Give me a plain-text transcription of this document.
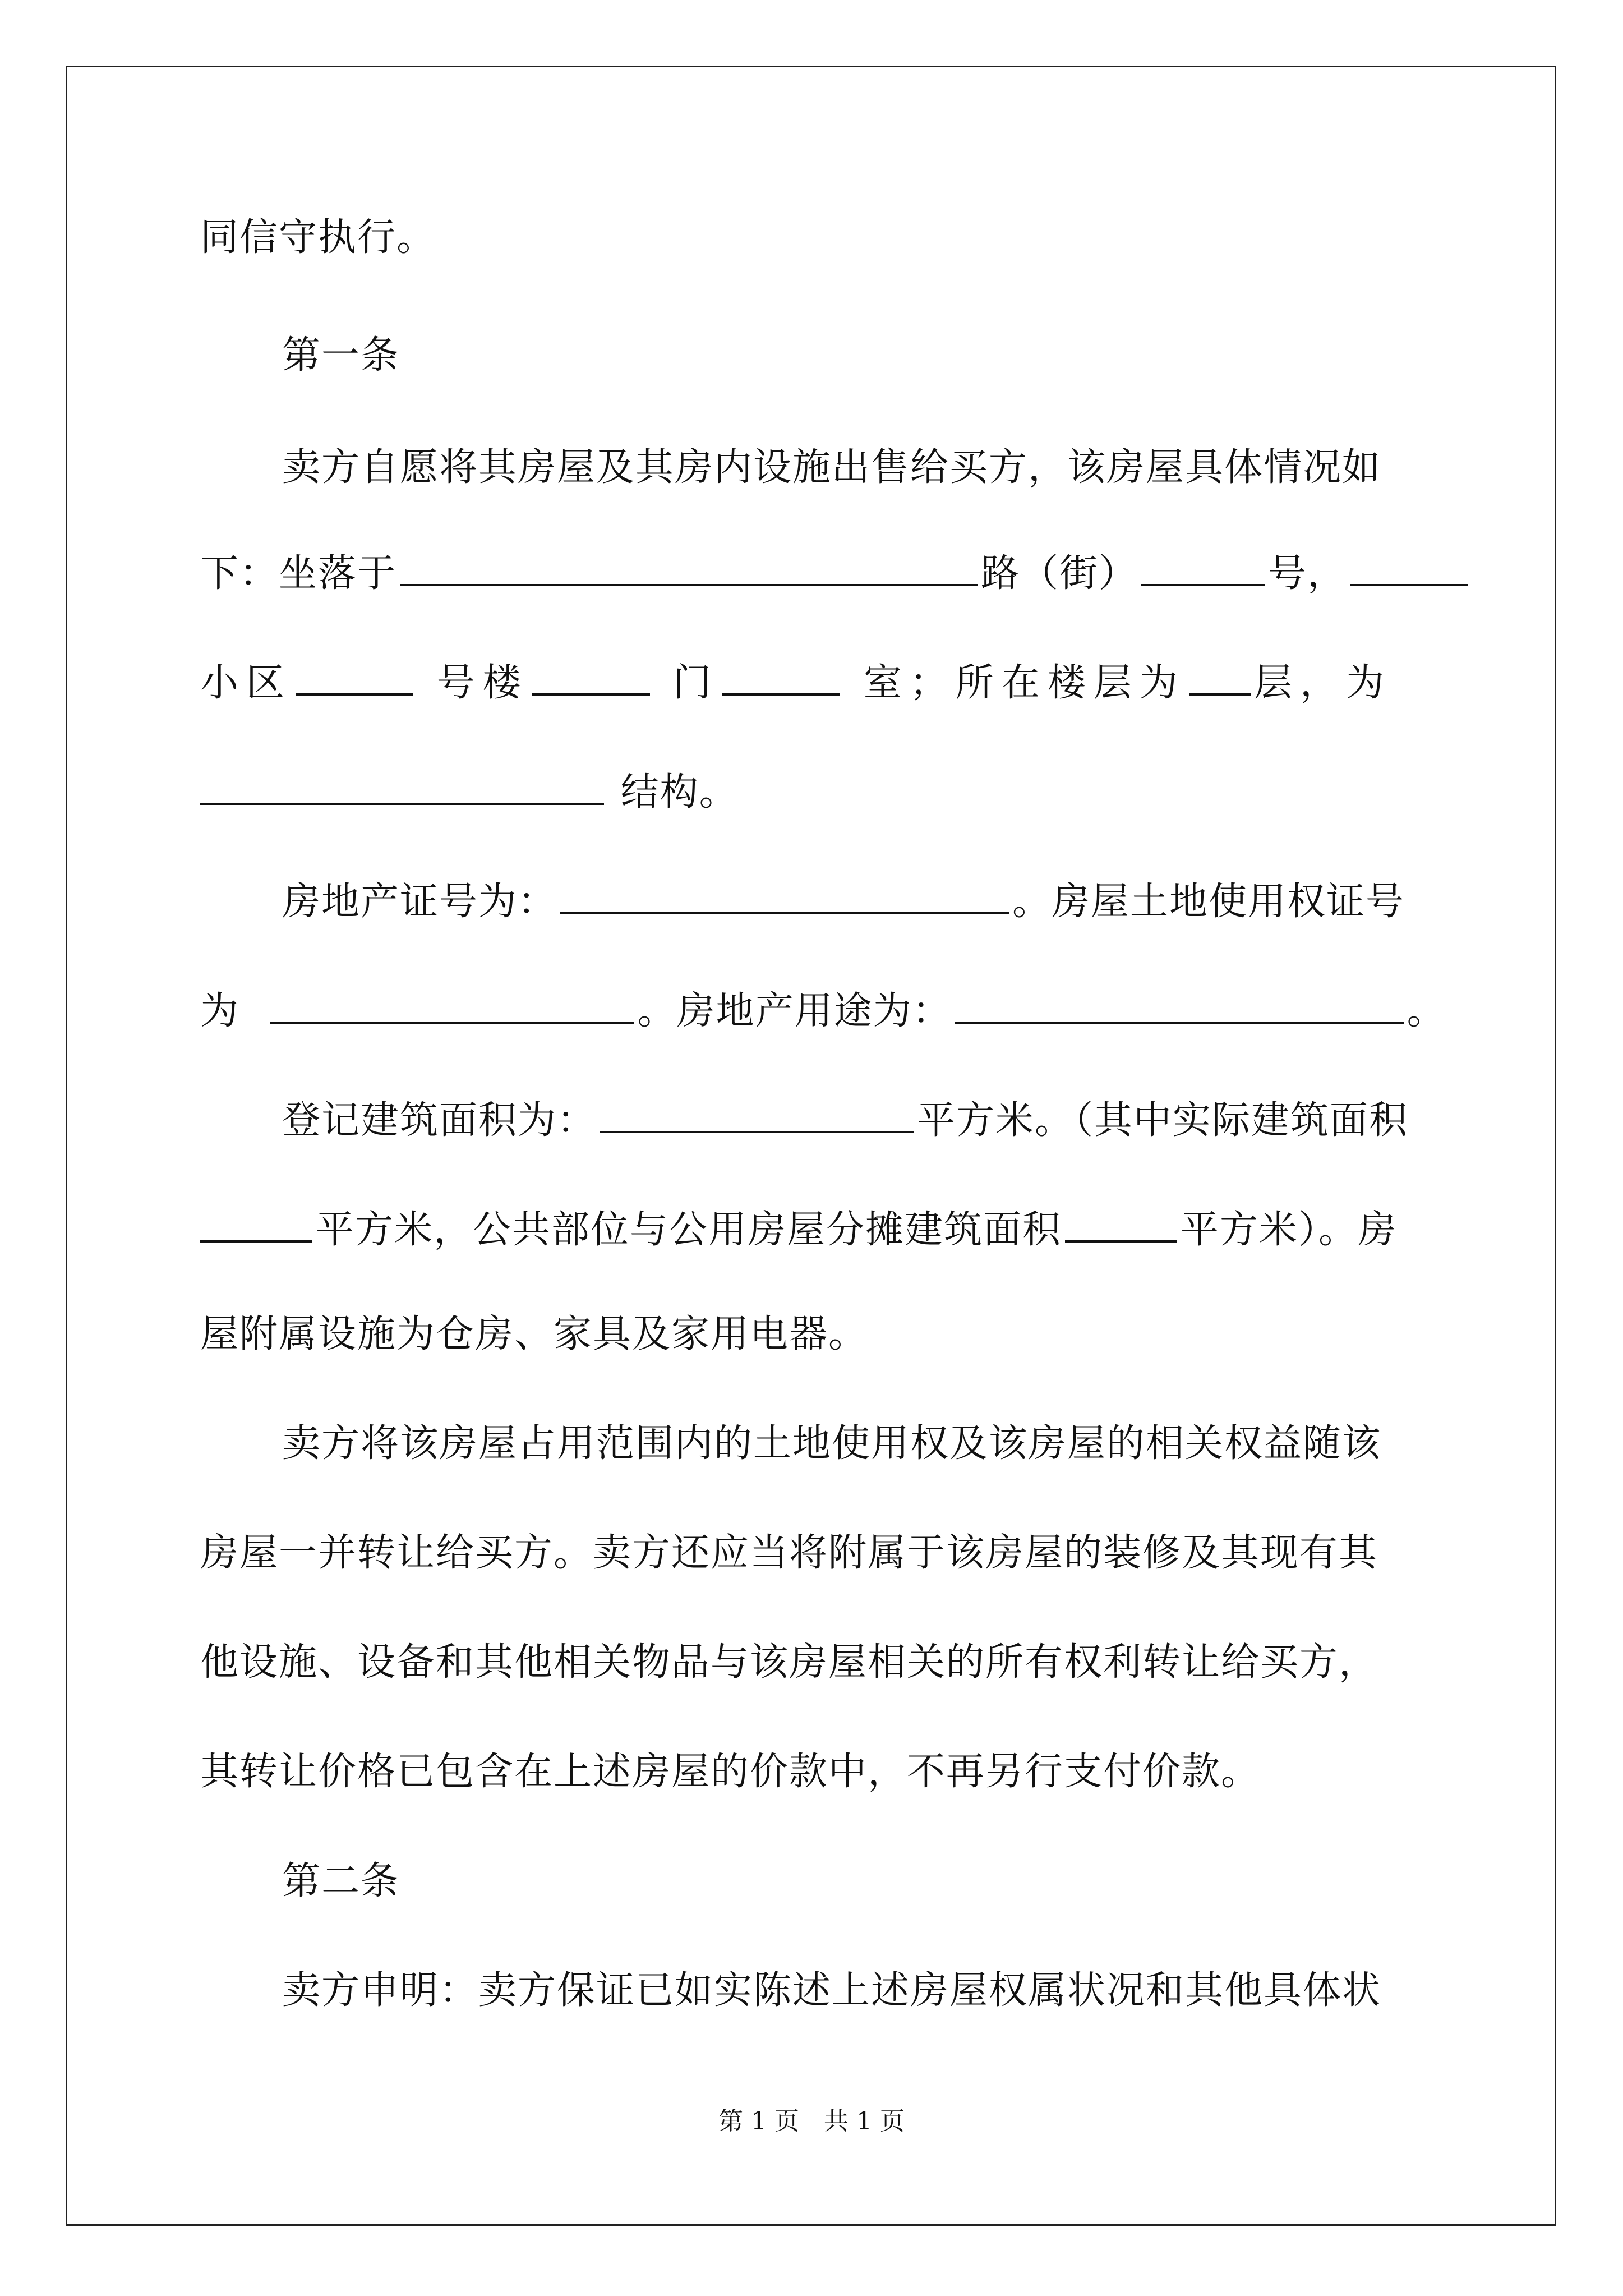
同信守执行。
第一条
卖方自愿将其房屋及其房内设施出售给买方，该房屋具体情况如
下：坐落于	路（街）	号，
小区	号楼	门	室；所在楼层为 层，为
结构。
房地产证号为：	。房屋土地使用权证号
为	。房地产用途为：	。
登记建筑面积为：	平方米。（其中实际建筑面积
平方米，公共部位与公用房屋分摊建筑面积	平方米）。房
屋附属设施为仓房、家具及家用电器。
卖方将该房屋占用范围内的土地使用权及该房屋的相关权益随该
房屋一并转让给买方。卖方还应当将附属于该房屋的装修及其现有其
他设施、设备和其他相关物品与该房屋相关的所有权利转让给买方，
其转让价格已包含在上述房屋的价款中，不再另行支付价款。
第二条
卖方申明：卖方保证已如实陈述上述房屋权属状况和其他具体状
第 1 页　共 1 页
